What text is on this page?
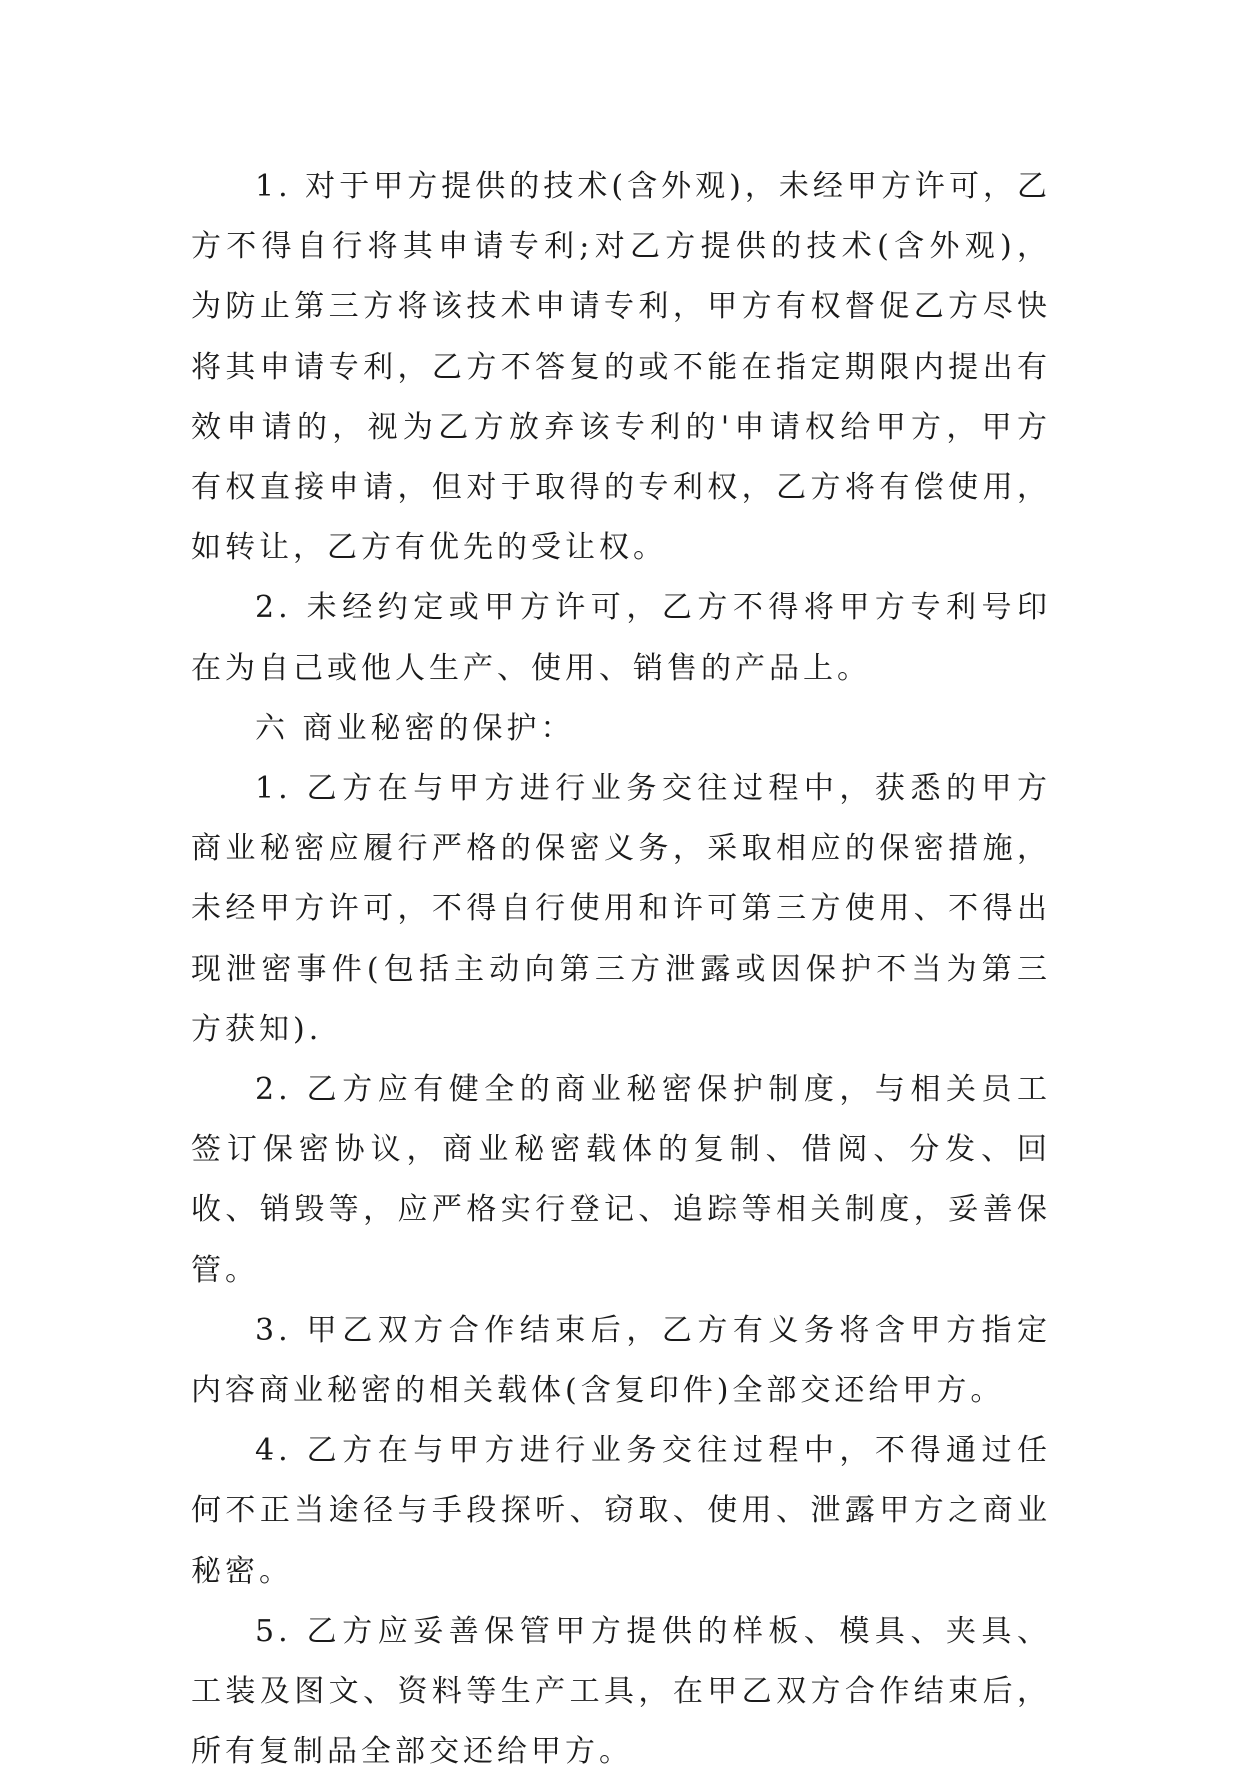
1. 对于甲方提供的技术(含外观)，未经甲方许可，乙方不得自行将其申请专利;对乙方提供的技术(含外观)，为防止第三方将该技术申请专利，甲方有权督促乙方尽快将其申请专利，乙方不答复的或不能在指定期限内提出有效申请的，视为乙方放弃该专利的'申请权给甲方，甲方有权直接申请，但对于取得的专利权，乙方将有偿使用，如转让，乙方有优先的受让权。

2. 未经约定或甲方许可，乙方不得将甲方专利号印在为自己或他人生产、使用、销售的产品上。

六 商业秘密的保护：

1. 乙方在与甲方进行业务交往过程中，获悉的甲方商业秘密应履行严格的保密义务，采取相应的保密措施，未经甲方许可，不得自行使用和许可第三方使用、不得出现泄密事件(包括主动向第三方泄露或因保护不当为第三方获知).

2. 乙方应有健全的商业秘密保护制度，与相关员工签订保密协议，商业秘密载体的复制、借阅、分发、回收、销毁等，应严格实行登记、追踪等相关制度，妥善保管。

3. 甲乙双方合作结束后，乙方有义务将含甲方指定内容商业秘密的相关载体(含复印件)全部交还给甲方。

4. 乙方在与甲方进行业务交往过程中，不得通过任何不正当途径与手段探听、窃取、使用、泄露甲方之商业秘密。

5. 乙方应妥善保管甲方提供的样板、模具、夹具、工装及图文、资料等生产工具，在甲乙双方合作结束后，所有复制品全部交还给甲方。
